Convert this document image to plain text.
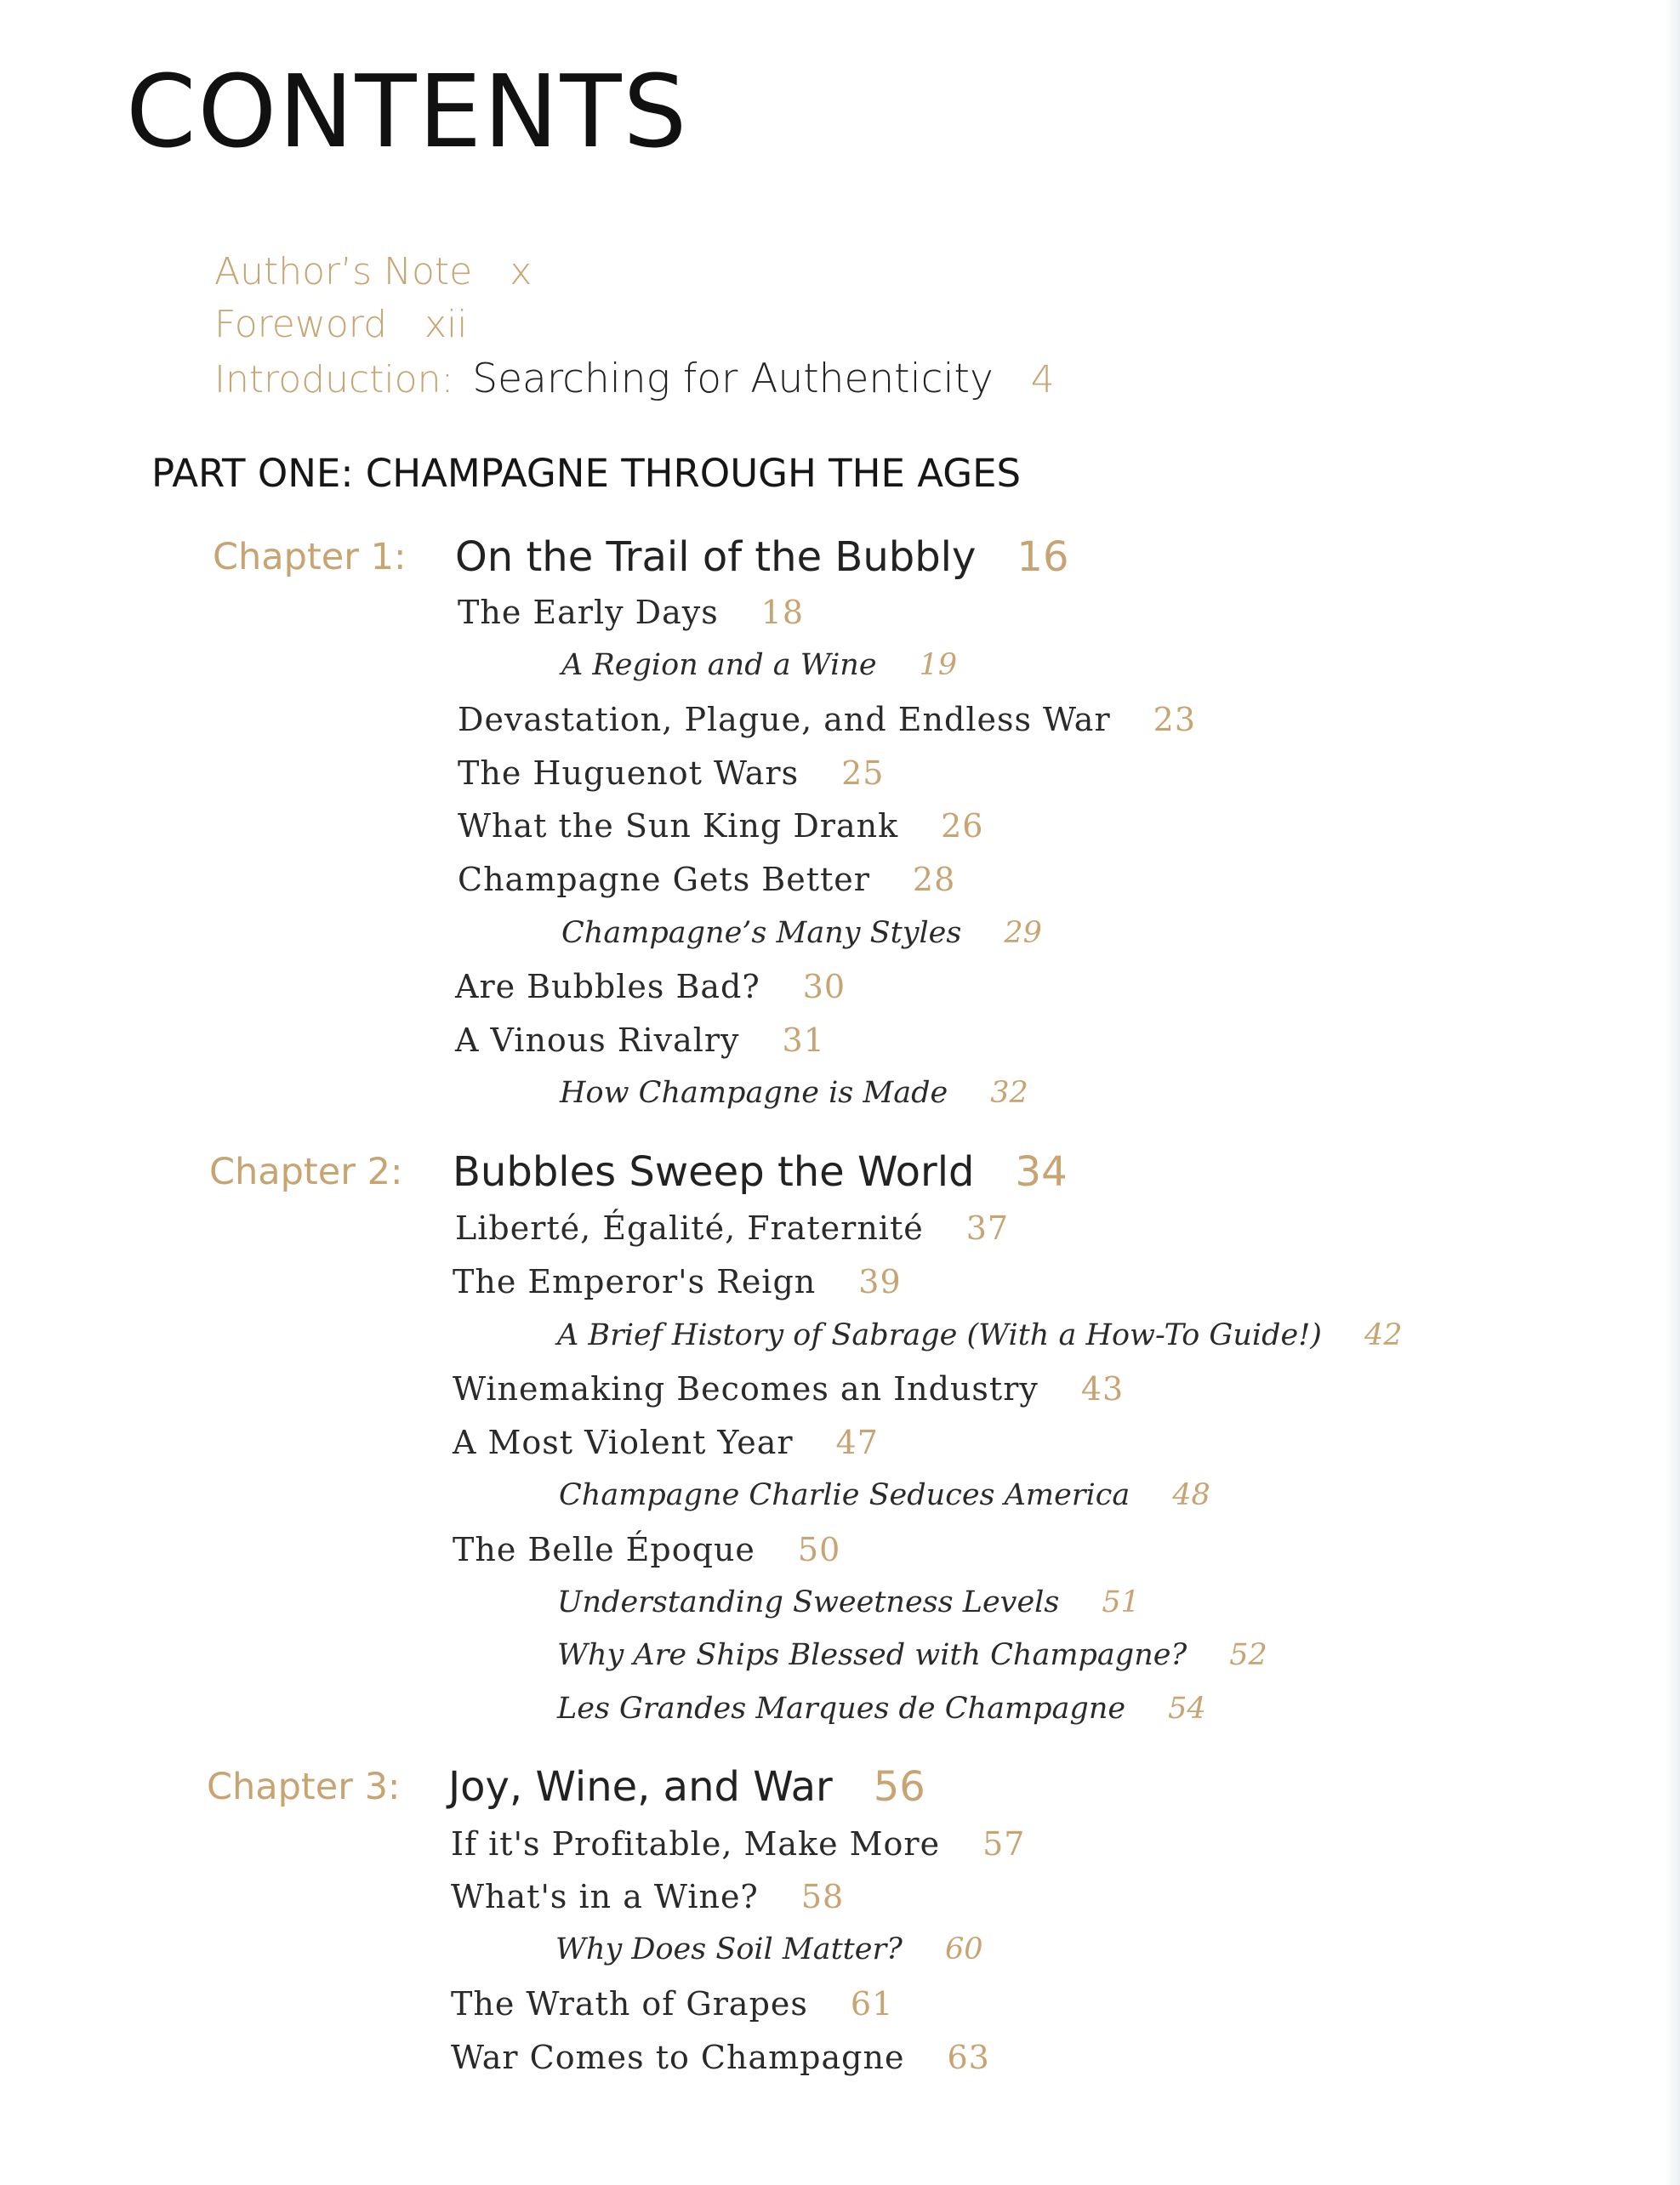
CONTENTS
Author’s Note x
Foreword xii
Introduction: Searching for Authenticity 4
PART ONE: CHAMPAGNE THROUGH THE AGES
Chapter 1: On the Trail of the Bubbly 16
The Early Days 18
A Region and a Wine 19
Devastation, Plague, and Endless War 23
The Huguenot Wars 25
What the Sun King Drank 26
Champagne Gets Better 28
Champagne’s Many Styles 29
Are Bubbles Bad? 30
A Vinous Rivalry 31
How Champagne is Made 32
Chapter 2: Bubbles Sweep the World 34
Liberté, Égalité, Fraternité 37
The Emperor's Reign 39
A Brief History of Sabrage (With a How-To Guide!) 42
Winemaking Becomes an Industry 43
A Most Violent Year 47
Champagne Charlie Seduces America 48
The Belle Époque 50
Understanding Sweetness Levels 51
Why Are Ships Blessed with Champagne? 52
Les Grandes Marques de Champagne 54
Chapter 3: Joy, Wine, and War 56
If it's Profitable, Make More 57
What's in a Wine? 58
Why Does Soil Matter? 60
The Wrath of Grapes 61
War Comes to Champagne 63
